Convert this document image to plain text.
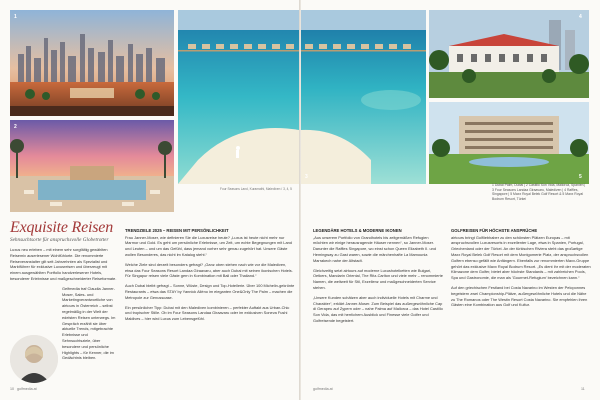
1
2
Four Seasons Land, Kuramathi, Malediven / 3, 4, 5
Exquisite Reisen
Sehnsuchtsorte für anspruchsvolle Globetrotter

Luxus neu erleben – mit einem sehr sorgfältig gewählten Reisemix auserlesener Wohlfühlorte. Die renommierte Reiseveranstalter gilt seit Jahrzehnten als Spezialist und Marktführer für exklusive Luxusreisen und überzeugt mit einem ausgewählten Portfolio handverlesener Hotels, besonderer Erlebnisse und maßgeschneiderter Reiseformate.

Gelfmedia traf Claudia Janner-Moser, Sales- und Marketingverantwortliche von airtours in Österreich – selbst regelmäßig in der Welt der edelsten Reisen unterwegs. Im Gespräch erzählt sie über aktuelle Trends, mitgebrachte Erlebnisse und Sehnsuchtsziele, über besondere und persönliche Highlights – für Kenner, die im Gedächtnis bleiben.

TRENDZIELE 2025 – REISEN MIT PERSÖNLICHKEIT

Frau Janner-Moser, wie definieren Sie die Luxusreise heute? „Luxus ist heute nicht mehr nur Marmor und Gold. Es geht um persönliche Erlebnisse, um Zeit, um echte Begegnungen mit Land und Leuten – und um das Gefühl, dass jemand vorher sehr genau zugehört hat. Unsere Gäste wollen Besonderes, das nicht im Katalog steht.“

Welche Ziele sind derzeit besonders gefragt? „Ganz oben stehen nach wie vor die Malediven, etwa das Four Seasons Resort Landaa Giraavaru, aber auch Dubai mit seinen ikonischen Hotels. Für Singapur reisen viele Gäste gern in Kombination mit Bali oder Thailand.“

Auch Dubai bleibt gefragt – Sonne, Wüste, Design und Top-Hotellerie. Über 100 Michelin-gekrönte Restaurants – etwa das STAY by Yannick Alléno im eleganten One&Only The Palm – machen die Metropole zur Genussoase.

Ein persönlicher Tipp: Dubai mit den Malediven kombinieren – perfekter Auftakt aus Urban-Chic und tropischer Stille. Ob im Four Seasons Landaa Giraavaru oder im exklusiven Soneva Fushi Maldives – hier wird Luxus zum Lebensgefühl.

10 golfmedia.at
3
4
5
1 Dubai Palm, Dubai | 2 Castillo Son Vida, Mallorca, Spanien | 3 Four Seasons Landaa Giraavaru, Malediven | 4 Raffles, Singapore | 5 Maxx Royal Belek Golf Resort & 5 Maxx Royal Bodrum Resort, Türkei
LEGENDÄRE HOTELS & MODERNE IKONEN

„Aus unserem Portfolio von Grandhotels bis zeitgemäßen Refugien möchten wir einige herausragende Häuser nennen“, so Janner-Moser. Darunter die Raffles Singapore, wo einst schon Queen Elizabeth II. und Hemingway zu Gast waren, sowie die märchenhafte La Mamounia Marrakech nahe der Altstadt.

Gleichzeitig setzt airtours auf moderne Luxushotelketten wie Bulgari, Oetkers, Mandarin Oriental, The Ritz-Carlton und viele mehr – renommierte Namen, die weltweit für Stil, Exzellenz und maßgeschneiderten Service stehen.

„Unsere Kunden schätzen aber auch individuelle Hotels mit Charme und Charakter“, erklärt Janner-Moser. Zum Beispiel das außergewöhnliche Cap di Gerapeu auf Zypern oder – nahe Palma auf Mallorca – das Hotel Castillo Son Vida, das mit herrlichem Ausblick und Finesse viele Golfer und Golfreisende begeistert.

GOLFREISEN FÜR HÖCHSTE ANSPRÜCHE

airtours bringt Golfliebhaber zu den schönsten Plätzen Europas – mit anspruchsvollen Luxusresorts in exzellenter Lage, etwa in Spanien, Portugal, Griechenland oder der Türkei. An der türkischen Riviera steht das großartige Maxx Royal Belek Golf Resort mit dem Montgomerie Platz, der anspruchsvollen Golfern ebenso gefällt wie Anfängern. Ebenfalls zur renommierten Maxx-Gruppe gehört das exklusive Maxx Royal Bodrum Resort. „Es dient ihr mit der moderaten Klimazone dem Golfer, bietet aber höchste Standards – mit zahlreichen Pools, Spa und Gastronomie, die man als 'Gourmet-Refugium' bezeichnen kann.“

Auf den griechischen Festland bei Costa Navarino im Westen der Peloponnes begeistern zwei Championship-Plätze, außergewöhnliche Hotels und die Nähe zu The Romanos oder The Westin Resort Costa Navarino. Sie empfehlen ihren Gästen eine Kombination aus Golf und Kultur.

golfmedia.at	11
